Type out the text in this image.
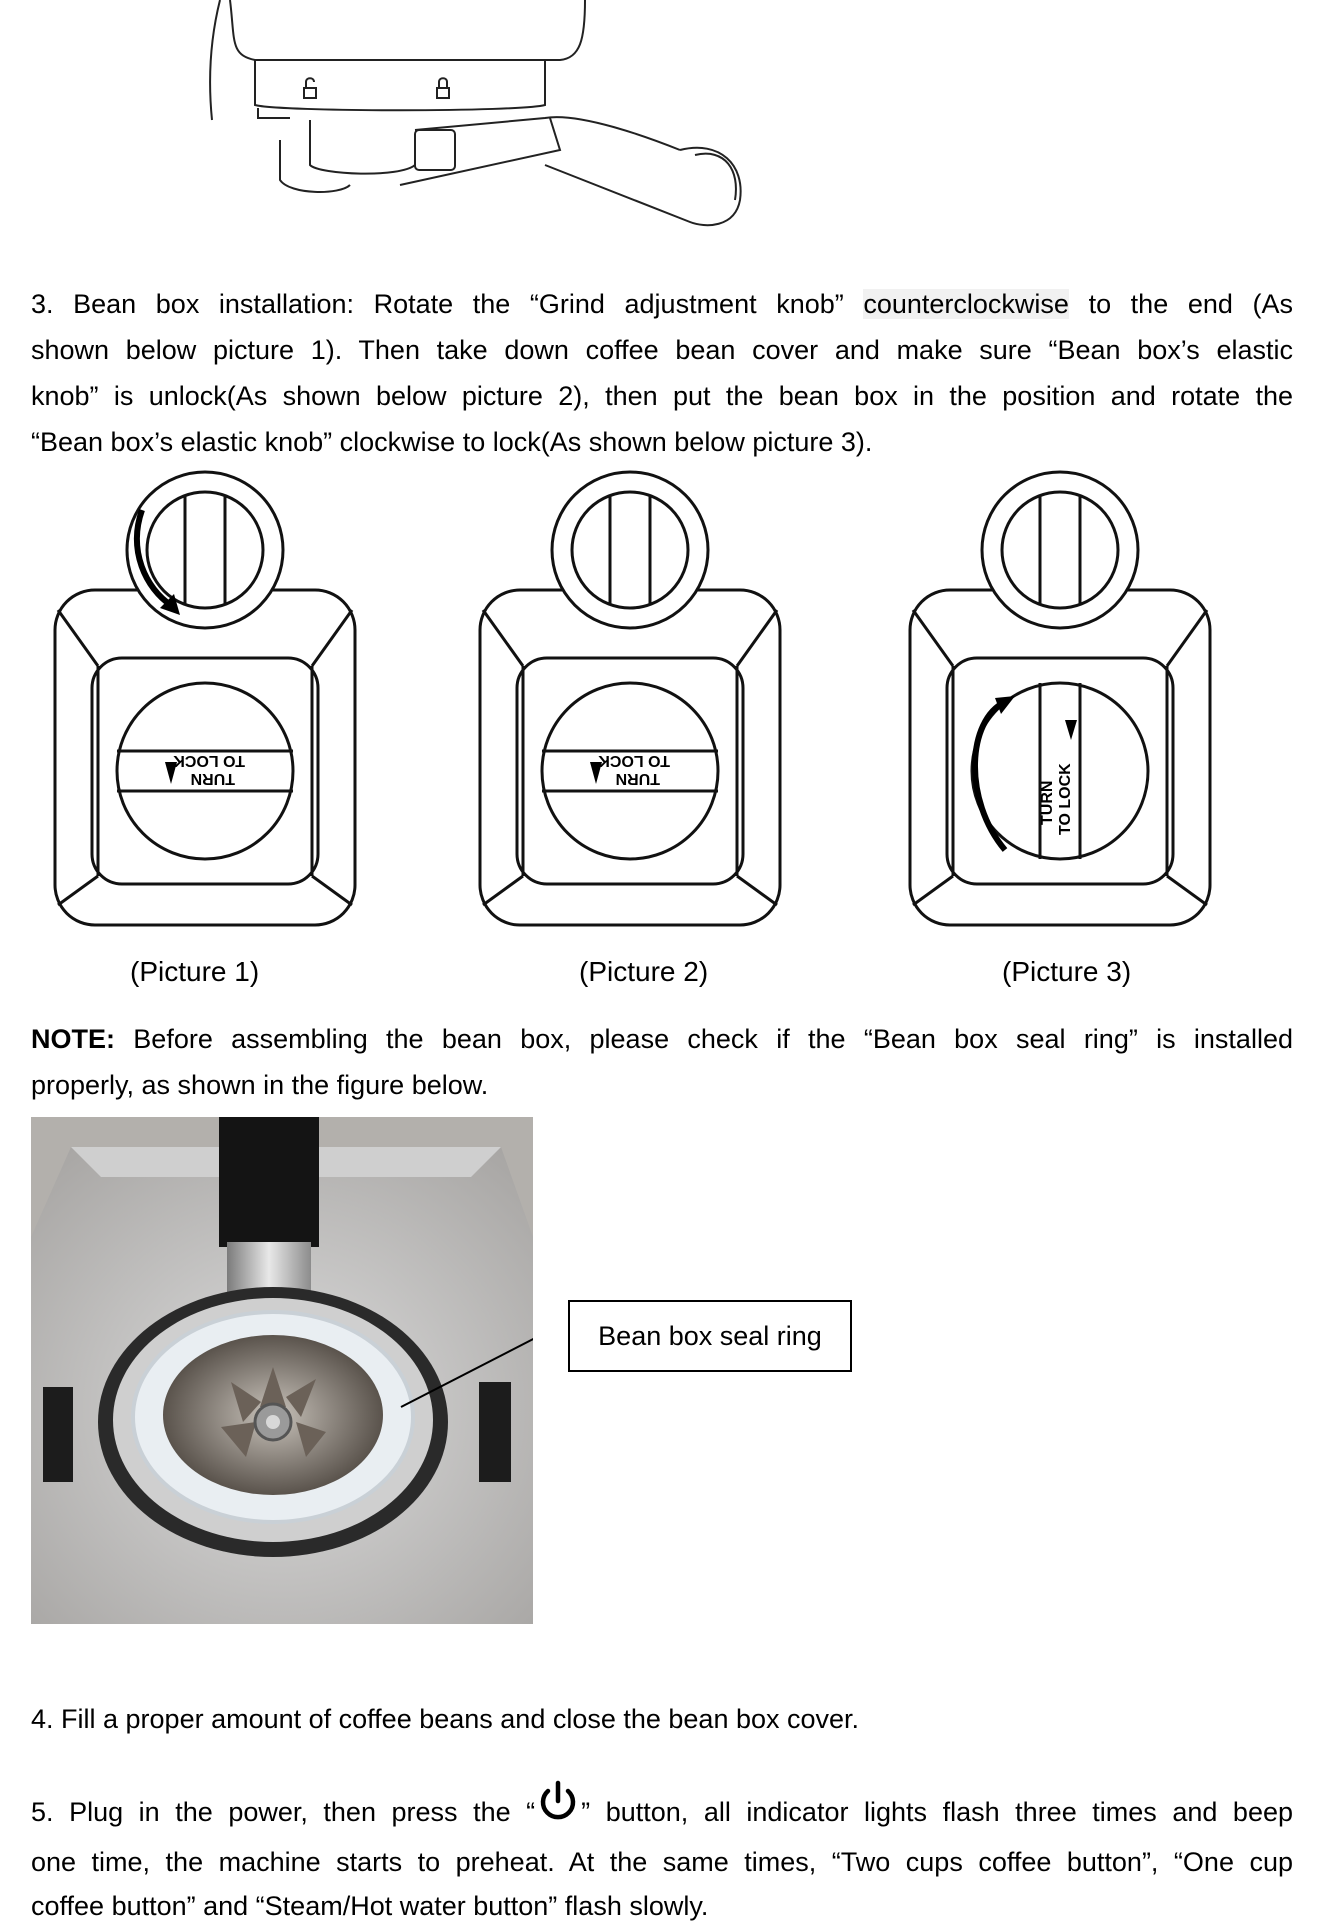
3. Bean box installation: Rotate the “Grind adjustment knob” counterclockwise to the end (As
shown below picture 1). Then take down coffee bean cover and make sure “Bean box’s elastic
knob” is unlock(As shown below picture 2), then put the bean box in the position and rotate the
“Bean box’s elastic knob” clockwise to lock(As shown below picture 3).
TURN
TO LOCK
TURN
TO LOCK
TURN TO LOCK
(Picture 1)	(Picture 2)	(Picture 3)
NOTE: Before assembling the bean box, please check if the “Bean box seal ring” is installed
properly, as shown in the figure below.
Bean box seal ring
4. Fill a proper amount of coffee beans and close the bean box cover.
5. Plug in the power, then press the “ ” button, all indicator lights flash three times and beep
one time, the machine starts to preheat. At the same times, “Two cups coffee button”, “One cup
coffee button” and “Steam/Hot water button” flash slowly.
